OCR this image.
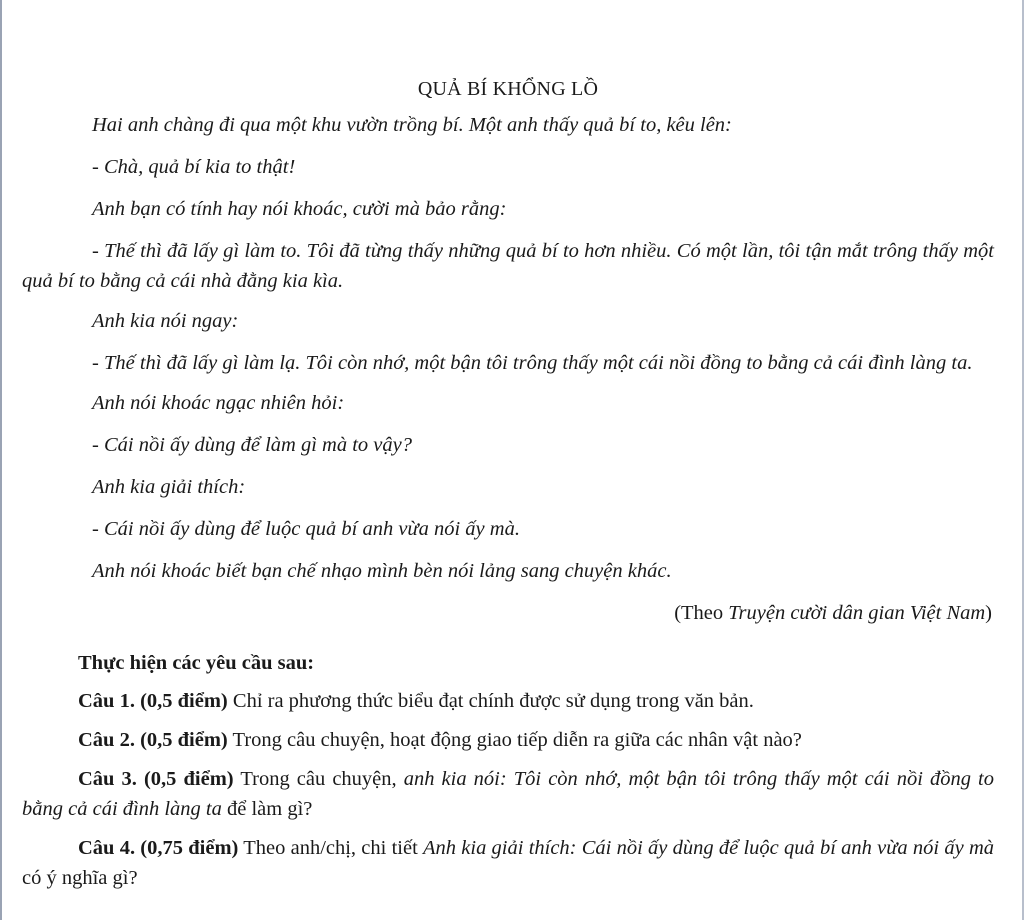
QUẢ BÍ KHỔNG LỒ

Hai anh chàng đi qua một khu vườn trồng bí. Một anh thấy quả bí to, kêu lên:

- Chà, quả bí kia to thật!

Anh bạn có tính hay nói khoác, cười mà bảo rằng:

- Thế thì đã lấy gì làm to. Tôi đã từng thấy những quả bí to hơn nhiều. Có một lần, tôi tận mắt trông thấy một quả bí to bằng cả cái nhà đằng kia kìa.

Anh kia nói ngay:

- Thế thì đã lấy gì làm lạ. Tôi còn nhớ, một bận tôi trông thấy một cái nồi đồng to bằng cả cái đình làng ta.

Anh nói khoác ngạc nhiên hỏi:

- Cái nồi ấy dùng để làm gì mà to vậy?

Anh kia giải thích:

- Cái nồi ấy dùng để luộc quả bí anh vừa nói ấy mà.

Anh nói khoác biết bạn chế nhạo mình bèn nói lảng sang chuyện khác.

(Theo Truyện cười dân gian Việt Nam)

Thực hiện các yêu cầu sau:

Câu 1. (0,5 điểm) Chỉ ra phương thức biểu đạt chính được sử dụng trong văn bản.

Câu 2. (0,5 điểm) Trong câu chuyện, hoạt động giao tiếp diễn ra giữa các nhân vật nào?

Câu 3. (0,5 điểm) Trong câu chuyện, anh kia nói: Tôi còn nhớ, một bận tôi trông thấy một cái nồi đồng to bằng cả cái đình làng ta để làm gì?

Câu 4. (0,75 điểm) Theo anh/chị, chi tiết Anh kia giải thích: Cái nồi ấy dùng để luộc quả bí anh vừa nói ấy mà có ý nghĩa gì?
